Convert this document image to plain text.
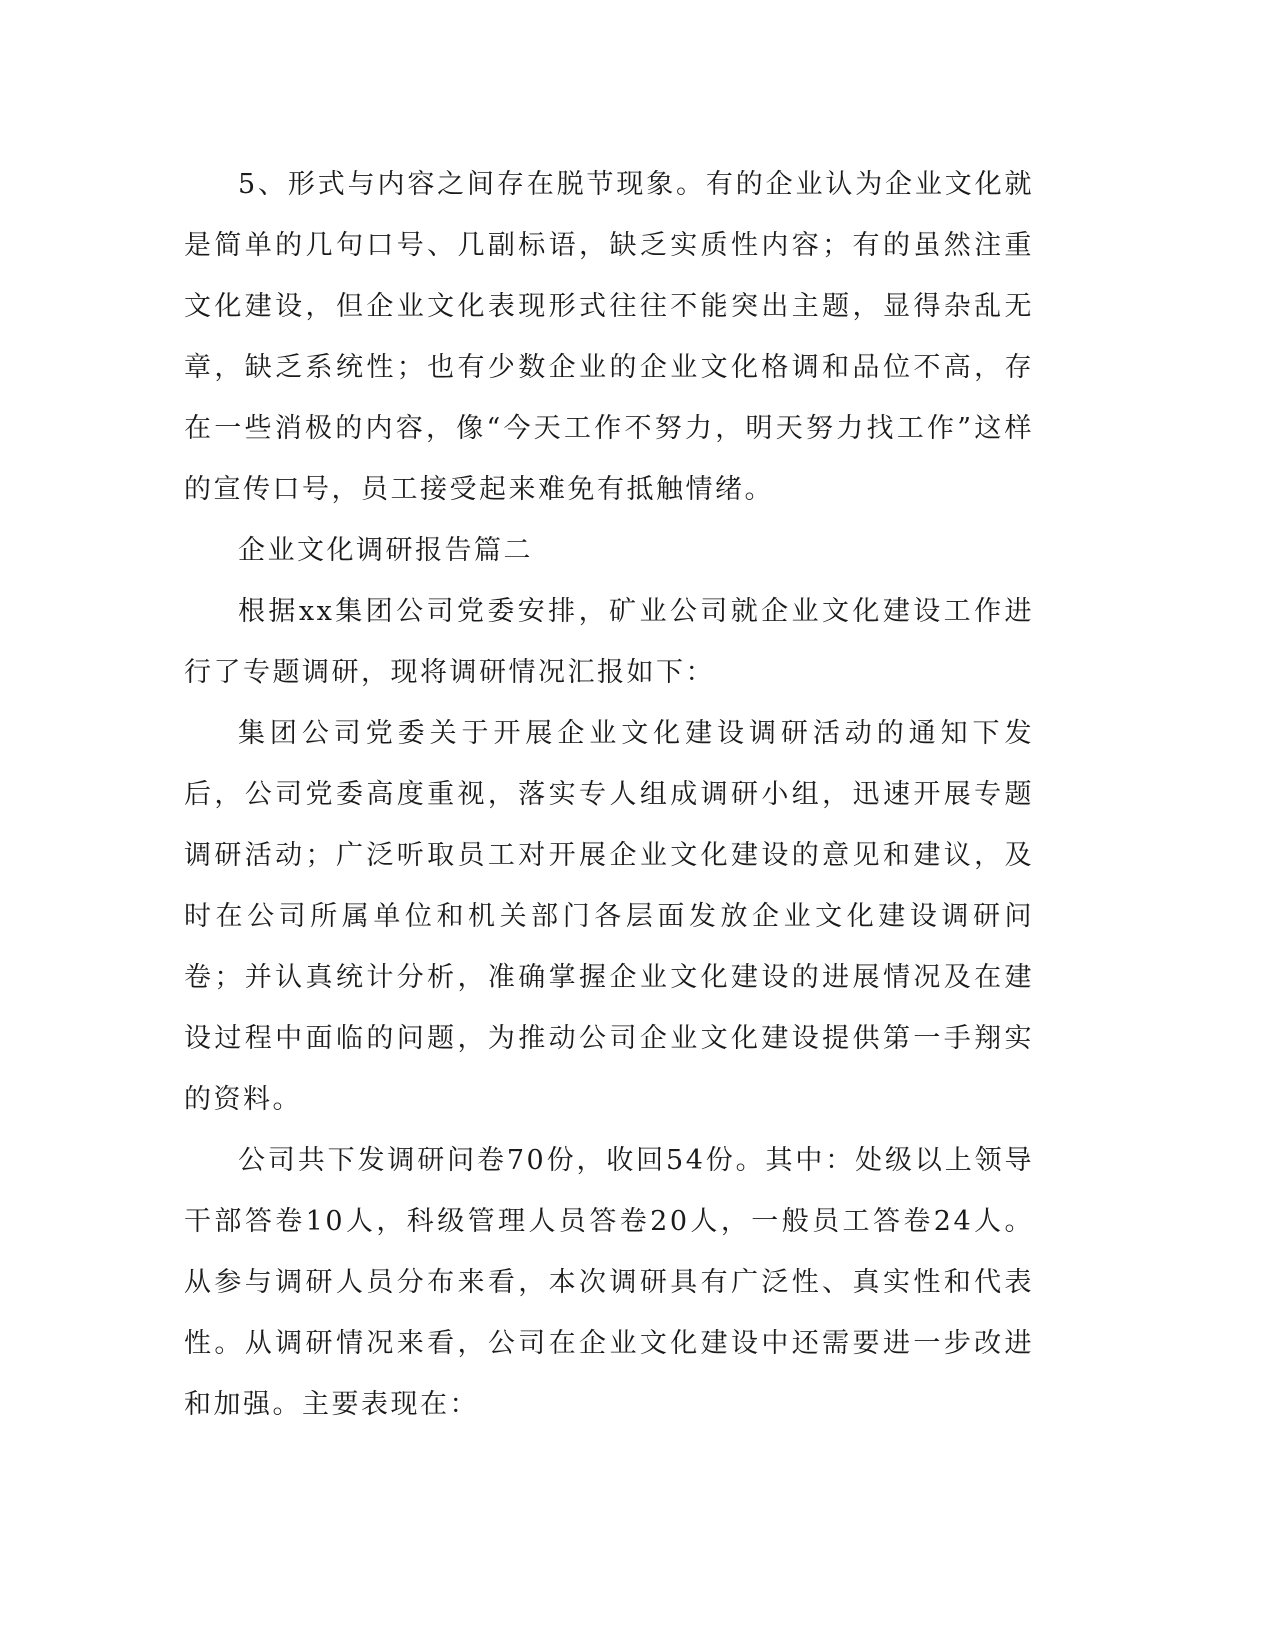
5、形式与内容之间存在脱节现象。有的企业认为企业文化就是简单的几句口号、几副标语，缺乏实质性内容；有的虽然注重文化建设，但企业文化表现形式往往不能突出主题，显得杂乱无章，缺乏系统性；也有少数企业的企业文化格调和品位不高，存在一些消极的内容，像“今天工作不努力，明天努力找工作”这样的宣传口号，员工接受起来难免有抵触情绪。

企业文化调研报告篇二

根据xx集团公司党委安排，矿业公司就企业文化建设工作进行了专题调研，现将调研情况汇报如下：

集团公司党委关于开展企业文化建设调研活动的通知下发后，公司党委高度重视，落实专人组成调研小组，迅速开展专题调研活动；广泛听取员工对开展企业文化建设的意见和建议，及时在公司所属单位和机关部门各层面发放企业文化建设调研问卷；并认真统计分析，准确掌握企业文化建设的进展情况及在建设过程中面临的问题，为推动公司企业文化建设提供第一手翔实的资料。

公司共下发调研问卷70份，收回54份。其中：处级以上领导干部答卷10人，科级管理人员答卷20人，一般员工答卷24人。从参与调研人员分布来看，本次调研具有广泛性、真实性和代表性。从调研情况来看，公司在企业文化建设中还需要进一步改进和加强。主要表现在：
